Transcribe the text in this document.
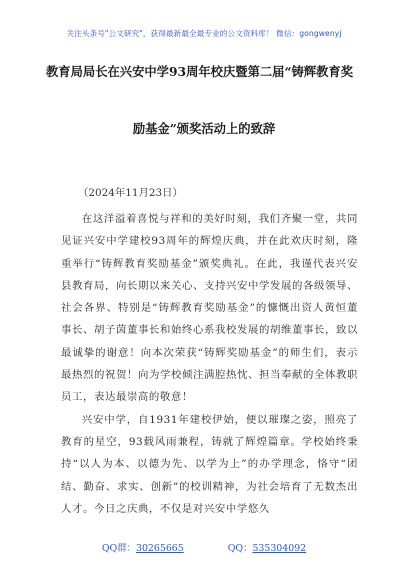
关注头条号"公文研究"，获得最新最全最专业的公文资料库！ 微信：gongwenyj
教育局局长在兴安中学93周年校庆暨第二届“铸辉教育奖
励基金”颁奖活动上的致辞
（2024年11月23日）

在这洋溢着喜悦与祥和的美好时刻，我们齐聚一堂，共同见证兴安中学建校93周年的辉煌庆典，并在此欢庆时刻，隆重举行“铸辉教育奖励基金”颁奖典礼。在此，我谨代表兴安县教育局，向长期以来关心、支持兴安中学发展的各级领导、社会各界、特别是“铸辉教育奖励基金”的慷慨出资人黄恒董事长、胡子茵董事长和始终心系我校发展的胡维董事长，致以最诚挚的谢意！向本次荣获“铸辉奖励基金”的师生们，表示最热烈的祝贺！向为学校倾注满腔热忱、担当奉献的全体教职员工，表达最崇高的敬意！

兴安中学，自1931年建校伊始，便以璀璨之姿，照亮了教育的星空，93载风雨兼程，铸就了辉煌篇章。学校始终秉持“以人为本、以德为先、以学为上”的办学理念，恪守“团结、勤奋、求实、创新”的校训精神，为社会培育了无数杰出人才。今日之庆典，不仅是对兴安中学悠久

QQ群：30265665	QQ：535304092
